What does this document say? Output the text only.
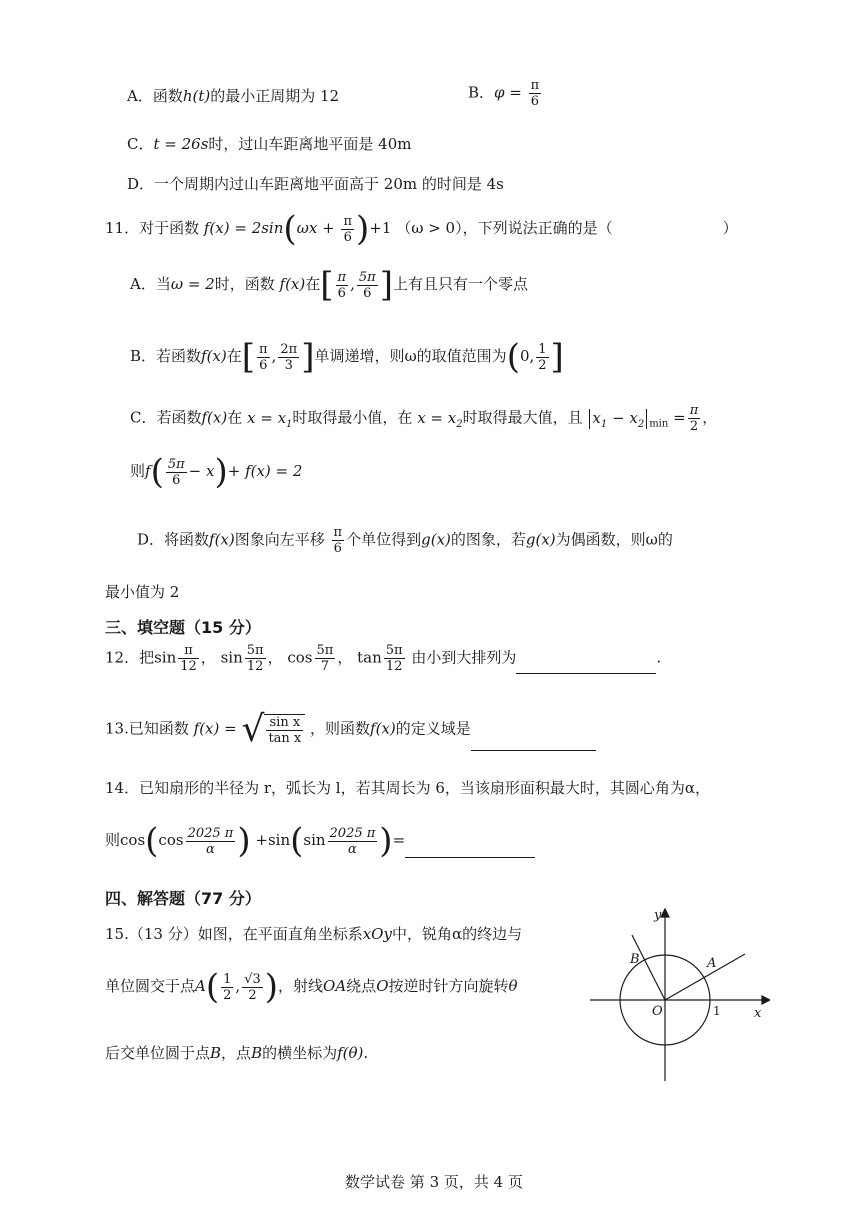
A．函数h(t)的最小正周期为 12	B．$\varphi = \frac{\pi}{6}$
C．t = 26s时，过山车距离地平面是 40m
D．一个周期内过山车距离地平面高于 20m 的时间是 4s
11．对于函数 $f(x) = 2\sin(\omega x + \frac{\pi}{6} )+1$ （ω > 0），下列说法正确的是（	）
A．当ω = 2时，函数 f(x)在[ $\frac{\pi}{6}$ , $\frac{5\pi}{6}$ ]上有且只有一个零点
B．若函数f(x)在[ $\frac{\pi}{6}$ , $\frac{2\pi}{3}$ ]单调递增，则ω的取值范围为(0, $\frac{1}{2}$ ]
C．若函数f(x)在 $x = x_1$时取得最小值，在 $x = x_2$时取得最大值，且 $x_1 - x_2$ $_{min} = \frac{\pi}{2}$ ，
则$f( \frac{5\pi}{6} - x)+ f(x) = 2$
D．将函数f(x)图象向左平移 $\frac{\pi}{6}$ 个单位得到g(x)的图象，若g(x)为偶函数，则ω的
最小值为 2
三、填空题（15 分）
12．把$\sin \frac{\pi}{12}$ ， $\sin \frac{5\pi}{12}$ ， $\cos \frac{5\pi}{7}$ ， $\tan \frac{5\pi}{12}$ 由小到大排列为	.
13.已知函数 f(x) = √ $\frac{\text{sin x}}{\text{tan x}}$ ，则函数f(x)的定义域是
14．已知扇形的半径为 r，弧长为 l，若其周长为 6，当该扇形面积最大时，其圆心角为α，
则$\cos(\cos \frac{2025 \pi}{\alpha}$ ) $+\sin(\sin \frac{2025 \pi}{\alpha}$ )=
四、解答题（77 分）
15.（13 分）如图，在平面直角坐标系xOy中，锐角α的终边与
单位圆交于点$A( \frac{1}{2}$ , $\frac{√3}{2}$ )，射线OA绕点O按逆时针方向旋转θ
后交单位圆于点B，点B的横坐标为f(θ).
y
x
O
A
B
1
数学试卷 第 3 页，共 4 页
